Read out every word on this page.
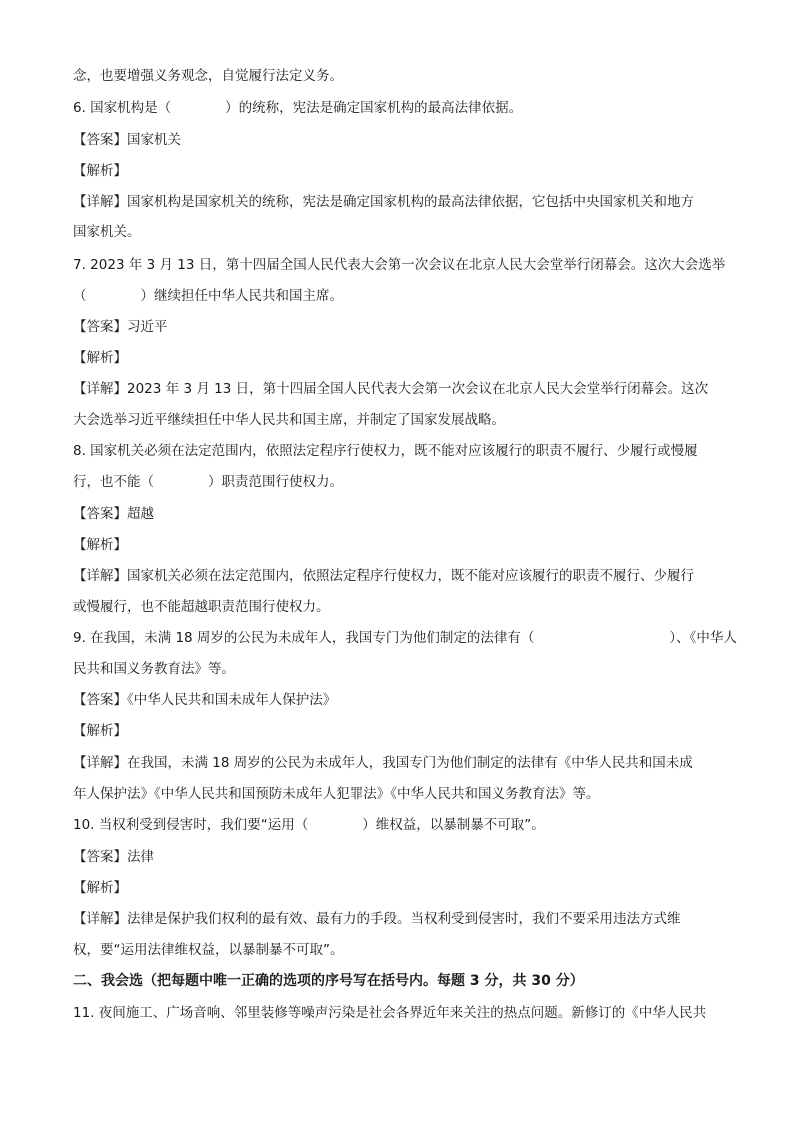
念，也要增强义务观念，自觉履行法定义务。
6. 国家机构是（　　　　）的统称，宪法是确定国家机构的最高法律依据。
【答案】国家机关
【解析】
【详解】国家机构是国家机关的统称，宪法是确定国家机构的最高法律依据，它包括中央国家机关和地方
国家机关。
7. 2023 年 3 月 13 日，第十四届全国人民代表大会第一次会议在北京人民大会堂举行闭幕会。这次大会选举
（　　　　）继续担任中华人民共和国主席。
【答案】习近平
【解析】
【详解】2023 年 3 月 13 日，第十四届全国人民代表大会第一次会议在北京人民大会堂举行闭幕会。这次
大会选举习近平继续担任中华人民共和国主席，并制定了国家发展战略。
8. 国家机关必须在法定范围内，依照法定程序行使权力，既不能对应该履行的职责不履行、少履行或慢履
行，也不能（　　　　）职责范围行使权力。
【答案】超越
【解析】
【详解】国家机关必须在法定范围内，依照法定程序行使权力，既不能对应该履行的职责不履行、少履行
或慢履行，也不能超越职责范围行使权力。
9. 在我国，未满 18 周岁的公民为未成年人，我国专门为他们制定的法律有（　　　　　　　　　　）、《中华人
民共和国义务教育法》等。
【答案】《中华人民共和国未成年人保护法》
【解析】
【详解】在我国，未满 18 周岁的公民为未成年人，我国专门为他们制定的法律有《中华人民共和国未成
年人保护法》《中华人民共和国预防未成年人犯罪法》《中华人民共和国义务教育法》等。
10. 当权利受到侵害时，我们要“运用（　　　　）维权益，以暴制暴不可取”。
【答案】法律
【解析】
【详解】法律是保护我们权利的最有效、最有力的手段。当权利受到侵害时，我们不要采用违法方式维
权，要“运用法律维权益，以暴制暴不可取”。
二、我会选（把每题中唯一正确的选项的序号写在括号内。每题 3 分，共 30 分）
11. 夜间施工、广场音响、邻里装修等噪声污染是社会各界近年来关注的热点问题。新修订的《中华人民共
